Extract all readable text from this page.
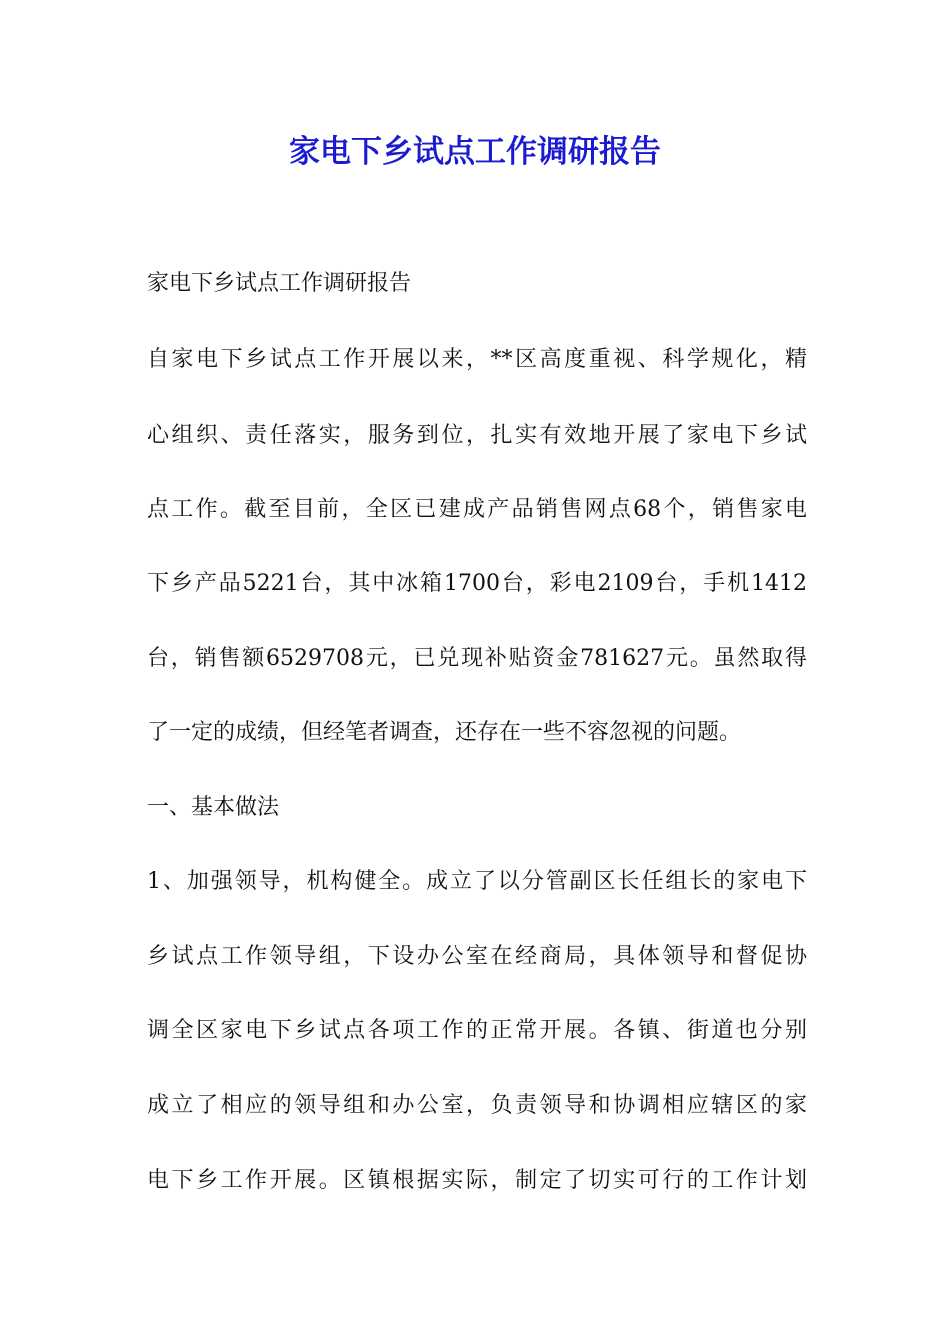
家电下乡试点工作调研报告

家电下乡试点工作调研报告

自家电下乡试点工作开展以来，**区高度重视、科学规化，精

心组织、责任落实，服务到位，扎实有效地开展了家电下乡试

点工作。截至目前，全区已建成产品销售网点68个，销售家电

下乡产品5221台，其中冰箱1700台，彩电2109台，手机1412

台，销售额6529708元，已兑现补贴资金781627元。虽然取得

了一定的成绩，但经笔者调查，还存在一些不容忽视的问题。

一、基本做法

1、加强领导，机构健全。成立了以分管副区长任组长的家电下

乡试点工作领导组，下设办公室在经商局，具体领导和督促协

调全区家电下乡试点各项工作的正常开展。各镇、街道也分别

成立了相应的领导组和办公室，负责领导和协调相应辖区的家

电下乡工作开展。区镇根据实际，制定了切实可行的工作计划
